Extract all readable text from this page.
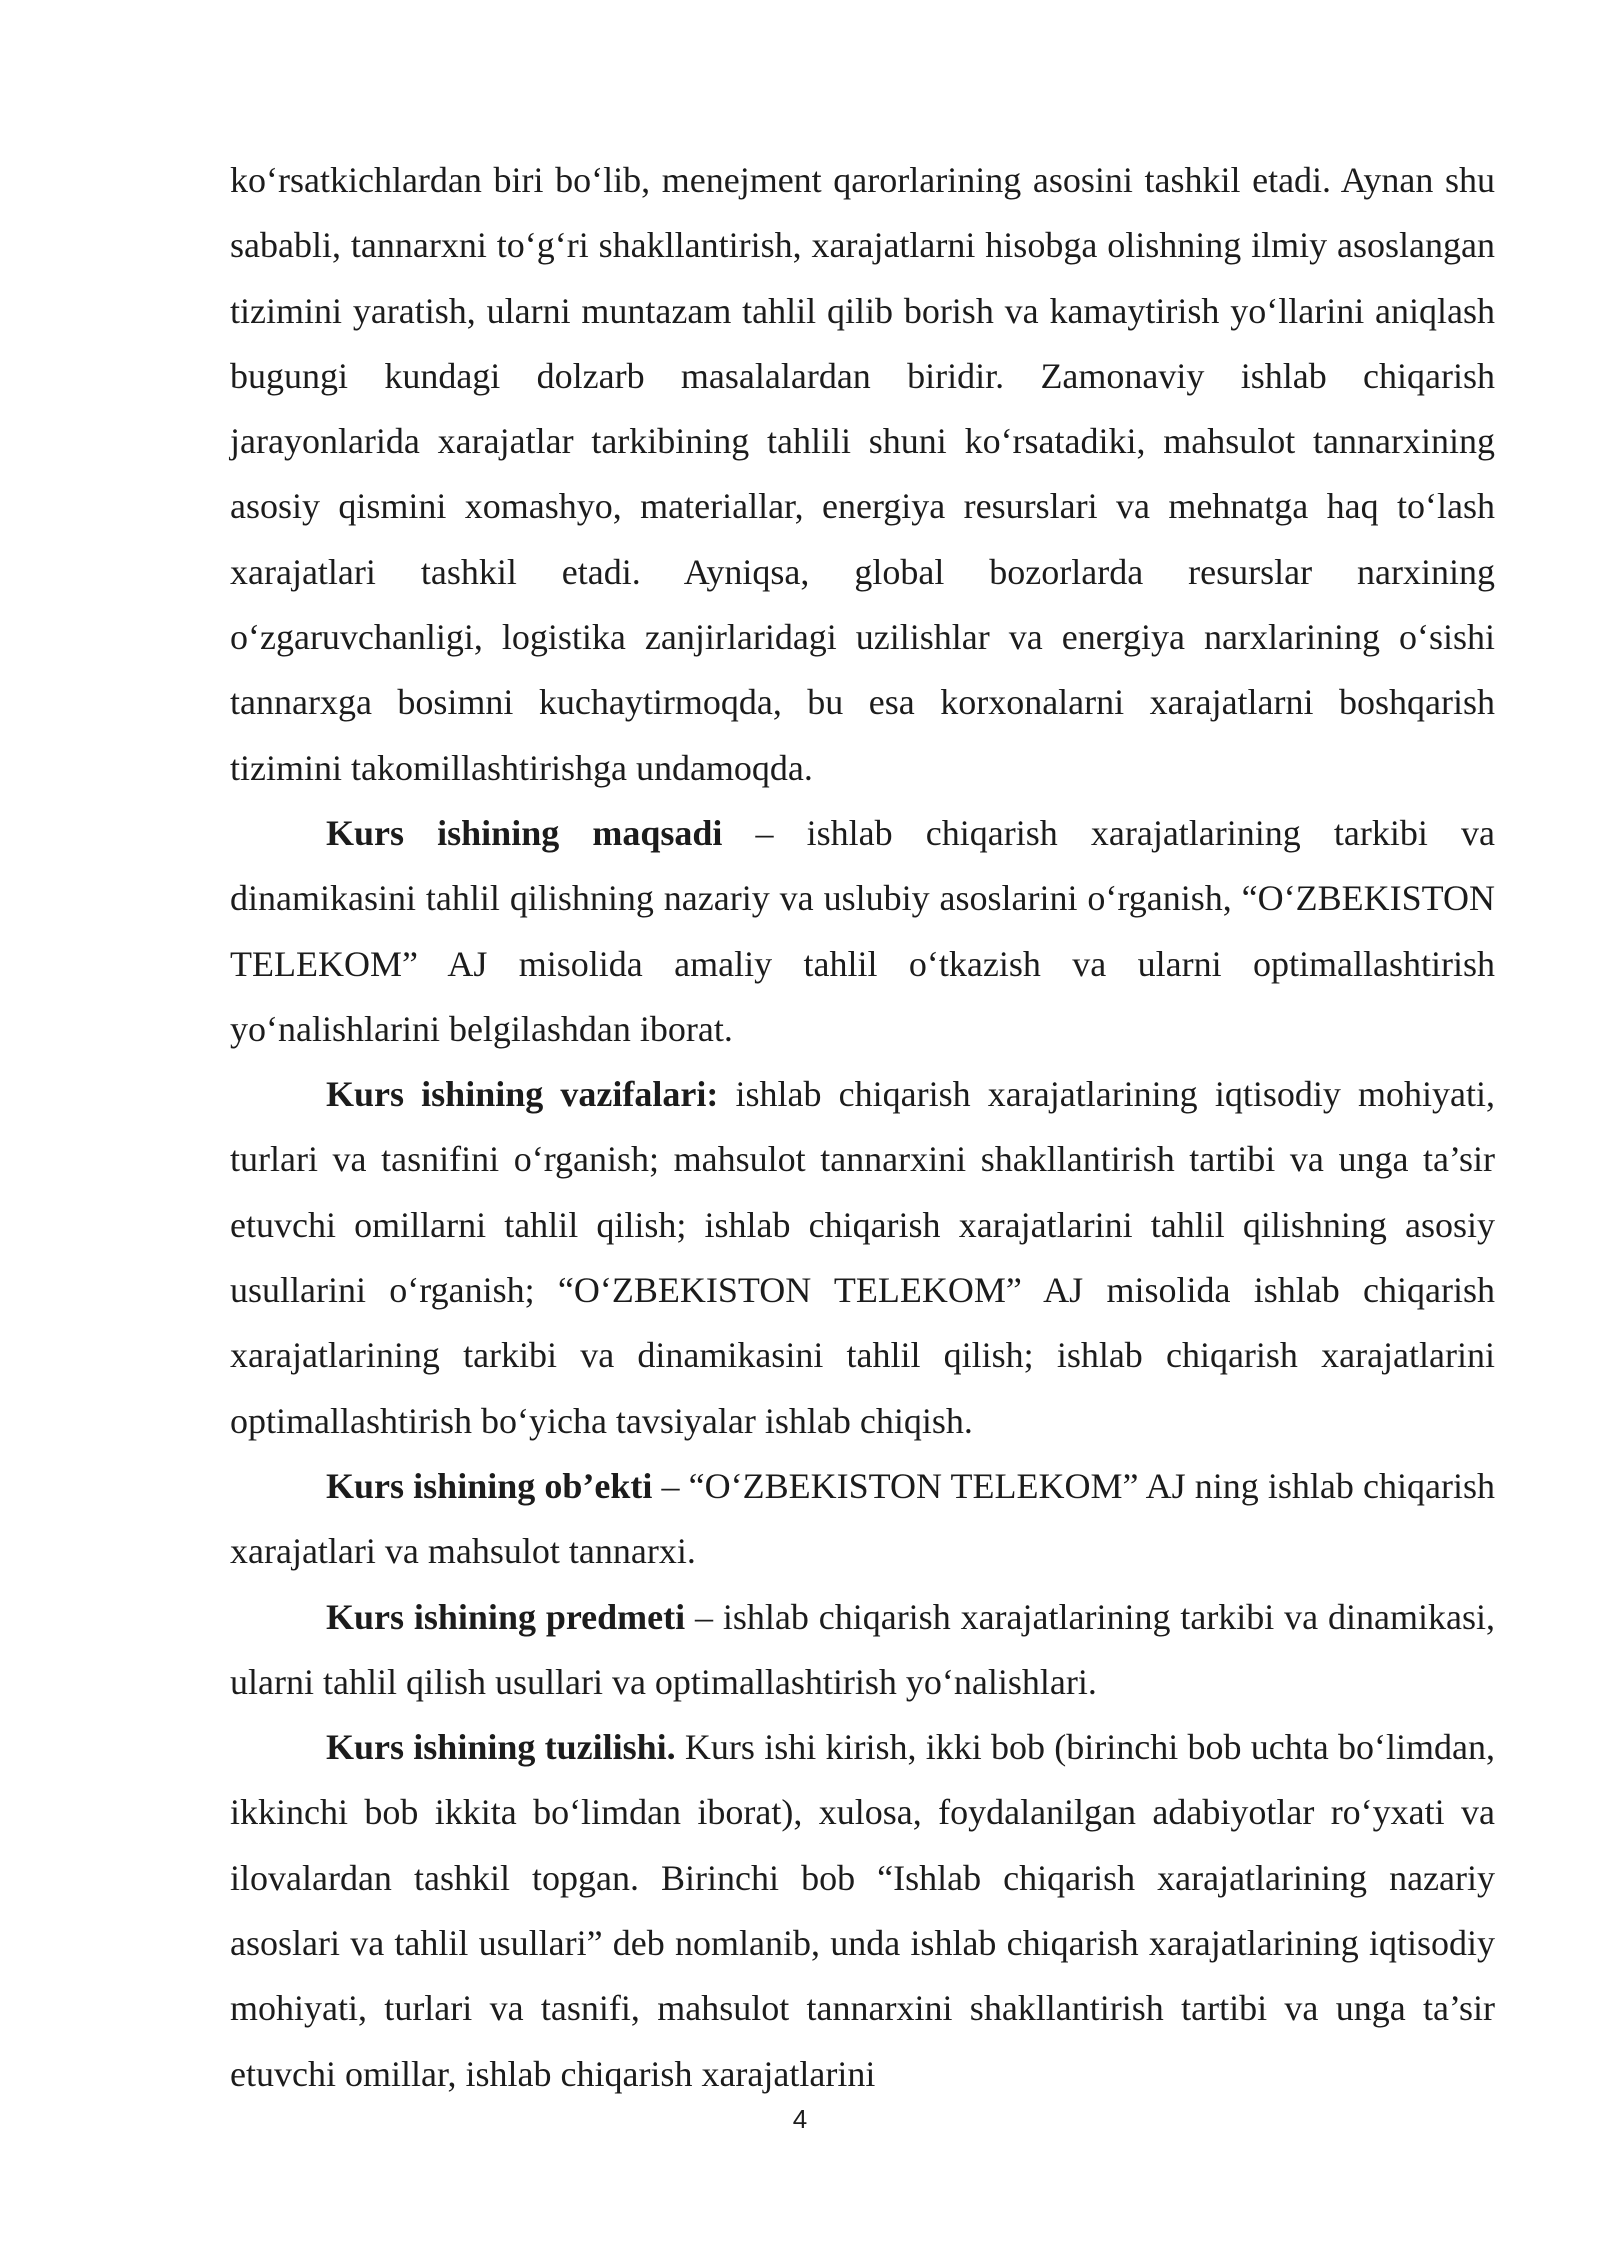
koʻrsatkichlardan biri boʻlib, menejment qarorlarining asosini tashkil etadi. Aynan shu sababli, tannarxni toʻgʻri shakllantirish, xarajatlarni hisobga olishning ilmiy asoslangan tizimini yaratish, ularni muntazam tahlil qilib borish va kamaytirish yoʻllarini aniqlash bugungi kundagi dolzarb masalalardan biridir. Zamonaviy ishlab chiqarish jarayonlarida xarajatlar tarkibining tahlili shuni koʻrsatadiki, mahsulot tannarxining asosiy qismini xomashyo, materiallar, energiya resurslari va mehnatga haq toʻlash xarajatlari tashkil etadi. Ayniqsa, global bozorlarda resurslar narxining oʻzgaruvchanligi, logistika zanjirlaridagi uzilishlar va energiya narxlarining oʻsishi tannarxga bosimni kuchaytirmoqda, bu esa korxonalarni xarajatlarni boshqarish tizimini takomillashtirishga undamoqda.

Kurs ishining maqsadi – ishlab chiqarish xarajatlarining tarkibi va dinamikasini tahlil qilishning nazariy va uslubiy asoslarini oʻrganish, “OʻZBEKISTON TELEKOM” AJ misolida amaliy tahlil oʻtkazish va ularni optimallashtirish yoʻnalishlarini belgilashdan iborat.

Kurs ishining vazifalari: ishlab chiqarish xarajatlarining iqtisodiy mohiyati, turlari va tasnifini oʻrganish; mahsulot tannarxini shakllantirish tartibi va unga ta’sir etuvchi omillarni tahlil qilish; ishlab chiqarish xarajatlarini tahlil qilishning asosiy usullarini oʻrganish; “OʻZBEKISTON TELEKOM” AJ misolida ishlab chiqarish xarajatlarining tarkibi va dinamikasini tahlil qilish; ishlab chiqarish xarajatlarini optimallashtirish boʻyicha tavsiyalar ishlab chiqish.

Kurs ishining ob’ekti – “OʻZBEKISTON TELEKOM” AJ ning ishlab chiqarish xarajatlari va mahsulot tannarxi.

Kurs ishining predmeti – ishlab chiqarish xarajatlarining tarkibi va dinamikasi, ularni tahlil qilish usullari va optimallashtirish yoʻnalishlari.

Kurs ishining tuzilishi. Kurs ishi kirish, ikki bob (birinchi bob uchta boʻlimdan, ikkinchi bob ikkita boʻlimdan iborat), xulosa, foydalanilgan adabiyotlar roʻyxati va ilovalardan tashkil topgan. Birinchi bob “Ishlab chiqarish xarajatlarining nazariy asoslari va tahlil usullari” deb nomlanib, unda ishlab chiqarish xarajatlarining iqtisodiy mohiyati, turlari va tasnifi, mahsulot tannarxini shakllantirish tartibi va unga ta’sir etuvchi omillar, ishlab chiqarish xarajatlarini

4
